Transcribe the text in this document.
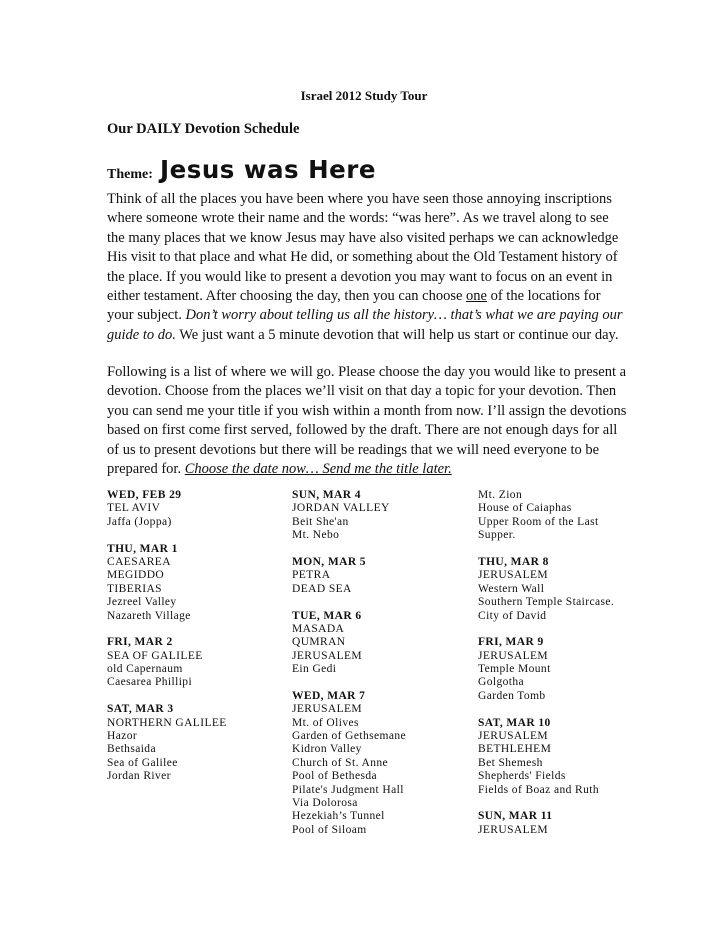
Israel 2012 Study Tour
Our DAILY Devotion Schedule
Theme: Jesus was Here
Think of all the places you have been where you have seen those annoying inscriptions where someone wrote their name and the words: “was here”. As we travel along to see the many places that we know Jesus may have also visited perhaps we can acknowledge His visit to that place and what He did, or something about the Old Testament history of the place. If you would like to present a devotion you may want to focus on an event in either testament. After choosing the day, then you can choose one of the locations for your subject. Don’t worry about telling us all the history… that’s what we are paying our guide to do. We just want a 5 minute devotion that will help us start or continue our day.
Following is a list of where we will go. Please choose the day you would like to present a devotion. Choose from the places we’ll visit on that day a topic for your devotion. Then you can send me your title if you wish within a month from now. I’ll assign the devotions based on first come first served, followed by the draft. There are not enough days for all of us to present devotions but there will be readings that we will need everyone to be prepared for. Choose the date now… Send me the title later.
WED, FEB 29
TEL AVIV
Jaffa (Joppa)
THU, MAR 1
CAESAREA
MEGIDDO
TIBERIAS
Jezreel Valley
Nazareth Village
FRI, MAR 2
SEA OF GALILEE
old Capernaum
Caesarea Phillipi
SAT, MAR 3
NORTHERN GALILEE
Hazor
Bethsaida
Sea of Galilee
Jordan River
SUN, MAR 4
JORDAN VALLEY
Beit She'an
Mt. Nebo
MON, MAR 5
PETRA
DEAD SEA
TUE, MAR 6
MASADA
QUMRAN
JERUSALEM
Ein Gedi
WED, MAR 7
JERUSALEM
Mt. of Olives
Garden of Gethsemane
Kidron Valley
Church of St. Anne
Pool of Bethesda
Pilate's Judgment Hall
Via Dolorosa
Hezekiah’s Tunnel
Pool of Siloam
Mt. Zion
House of Caiaphas
Upper Room of the Last
Supper.
THU, MAR 8
JERUSALEM
Western Wall
Southern Temple Staircase.
City of David
FRI, MAR 9
JERUSALEM
Temple Mount
Golgotha
Garden Tomb
SAT, MAR 10
JERUSALEM
BETHLEHEM
Bet Shemesh
Shepherds' Fields
Fields of Boaz and Ruth
SUN, MAR 11
JERUSALEM
